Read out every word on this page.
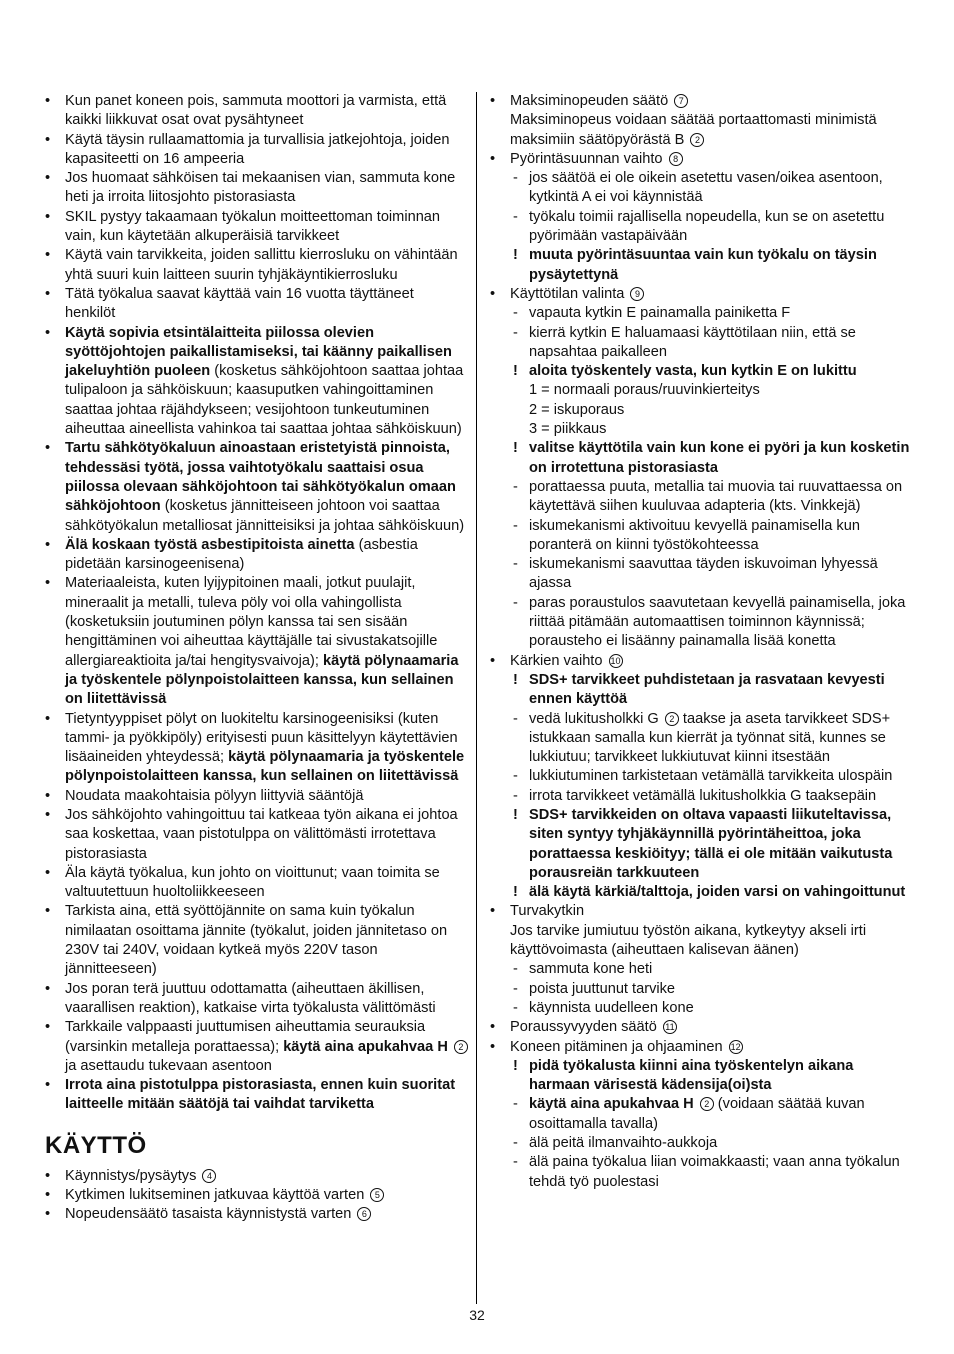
• Kun panet koneen pois, sammuta moottori ja varmista, että kaikki liikkuvat osat ovat pysähtyneet
• Käytä täysin rullaamattomia ja turvallisia jatkejohtoja, joiden kapasiteetti on 16 ampeeria
• Jos huomaat sähköisen tai mekaanisen vian, sammuta kone heti ja irroita liitosjohto pistorasiasta
• SKIL pystyy takaamaan työkalun moitteettoman toiminnan vain, kun käytetään alkuperäisiä tarvikkeet
• Käytä vain tarvikkeita, joiden sallittu kierrosluku on vähintään yhtä suuri kuin laitteen suurin tyhjäkäyntikierrosluku
• Tätä työkalua saavat käyttää vain 16 vuotta täyttäneet henkilöt
• Käytä sopivia etsintälaitteita piilossa olevien syöttöjohtojen paikallistamiseksi, tai käänny paikallisen jakeluyhtiön puoleen (kosketus sähköjohtoon saattaa johtaa tulipaloon ja sähköiskuun; kaasuputken vahingoittaminen saattaa johtaa räjähdykseen; vesijohtoon tunkeutuminen aiheuttaa aineellista vahinkoa tai saattaa johtaa sähköiskuun)
• Tartu sähkötyökaluun ainoastaan eristetyistä pinnoista, tehdessäsi työtä, jossa vaihtotyökalu saattaisi osua piilossa olevaan sähköjohtoon tai sähkötyökalun omaan sähköjohtoon (kosketus jännitteiseen johtoon voi saattaa sähkötyökalun metalliosat jännitteisiksi ja johtaa sähköiskuun)
• Älä koskaan työstä asbestipitoista ainetta (asbestia pidetään karsinogeenisena)
• Materiaaleista, kuten lyijypitoinen maali, jotkut puulajit, mineraalit ja metalli, tuleva pöly voi olla vahingollista (kosketuksiin joutuminen pölyn kanssa tai sen sisään hengittäminen voi aiheuttaa käyttäjälle tai sivustakatsojille allergiareaktioita ja/tai hengitysvaivoja); käytä pölynaamaria ja työskentele pölynpoistolaitteen kanssa, kun sellainen on liitettävissä
• Tietyntyyppiset pölyt on luokiteltu karsinogeenisiksi (kuten tammi- ja pyökkipöly) erityisesti puun käsittelyyn käytettävien lisäaineiden yhteydessä; käytä pölynaamaria ja työskentele pölynpoistolaitteen kanssa, kun sellainen on liitettävissä
• Noudata maakohtaisia pölyyn liittyviä sääntöjä
• Jos sähköjohto vahingoittuu tai katkeaa työn aikana ei johtoa saa koskettaa, vaan pistotulppa on välittömästi irrotettava pistorasiasta
• Äla käytä työkalua, kun johto on vioittunut; vaan toimita se valtuutettuun huoltoliikkeeseen
• Tarkista aina, että syöttöjännite on sama kuin työkalun nimilaatan osoittama jännite (työkalut, joiden jännitetaso on 230V tai 240V, voidaan kytkeä myös 220V tason jännitteeseen)
• Jos poran terä juuttuu odottamatta (aiheuttaen äkillisen, vaarallisen reaktion), katkaise virta työkalusta välittömästi
• Tarkkaile valppaasti juuttumisen aiheuttamia seurauksia (varsinkin metalleja porattaessa); käytä aina apukahvaa H 2 ja asettaudu tukevaan asentoon
• Irrota aina pistotulppa pistorasiasta, ennen kuin suoritat laitteelle mitään säätöjä tai vaihdat tarviketta
KÄYTTÖ
• Käynnistys/pysäytys 4
• Kytkimen lukitseminen jatkuvaa käyttöä varten 5
• Nopeudensäätö tasaista käynnistystä varten 6
• Maksiminopeuden säätö 7
Maksiminopeus voidaan säätää portaattomasti minimistä maksimiin säätöpyörästä B 2
• Pyörintäsuunnan vaihto 8
- jos säätöä ei ole oikein asetettu vasen/oikea asentoon, kytkintä A ei voi käynnistää
- työkalu toimii rajallisella nopeudella, kun se on asetettu pyörimään vastapäivään
! muuta pyörintäsuuntaa vain kun työkalu on täysin pysäytettynä
• Käyttötilan valinta 9
- vapauta kytkin E painamalla painiketta F
- kierrä kytkin E haluamaasi käyttötilaan niin, että se napsahtaa paikalleen
! aloita työskentely vasta, kun kytkin E on lukittu
1 = normaali poraus/ruuvinkierteitys
2 = iskuporaus
3 = piikkaus
! valitse käyttötila vain kun kone ei pyöri ja kun kosketin on irrotettuna pistorasiasta
- porattaessa puuta, metallia tai muovia tai ruuvattaessa on käytettävä siihen kuuluvaa adapteria (kts. Vinkkejä)
- iskumekanismi aktivoituu kevyellä painamisella kun poranterä on kiinni työstökohteessa
- iskumekanismi saavuttaa täyden iskuvoiman lyhyessä ajassa
- paras poraustulos saavutetaan kevyellä painamisella, joka riittää pitämään automaattisen toiminnon käynnissä; porausteho ei lisäänny painamalla lisää konetta
• Kärkien vaihto 10
! SDS+ tarvikkeet puhdistetaan ja rasvataan kevyesti ennen käyttöä
- vedä lukitusholkki G 2 taakse ja aseta tarvikkeet SDS+ istukkaan samalla kun kierrät ja työnnat sitä, kunnes se lukkiutuu; tarvikkeet lukkiutuvat kiinni itsestään
- lukkiutuminen tarkistetaan vetämällä tarvikkeita ulospäin
- irrota tarvikkeet vetämällä lukitusholkkia G taaksepäin
! SDS+ tarvikkeiden on oltava vapaasti liikuteltavissa, siten syntyy tyhjäkäynnillä pyörintäheittoa, joka porattaessa keskiöityy; tällä ei ole mitään vaikutusta porausreiän tarkkuuteen
! älä käytä kärkiä/talttoja, joiden varsi on vahingoittunut
• Turvakytkin
Jos tarvike jumiutuu työstön aikana, kytkeytyy akseli irti käyttövoimasta (aiheuttaen kalisevan äänen)
- sammuta kone heti
- poista juuttunut tarvike
- käynnista uudelleen kone
• Poraussyvyyden säätö 11
• Koneen pitäminen ja ohjaaminen 12
! pidä työkalusta kiinni aina työskentelyn aikana harmaan värisestä kädensija(oi)sta
- käytä aina apukahvaa H 2 (voidaan säätää kuvan osoittamalla tavalla)
- älä peitä ilmanvaihto-aukkoja
- älä paina työkalua liian voimakkaasti; vaan anna työkalun tehdä työ puolestasi
32
